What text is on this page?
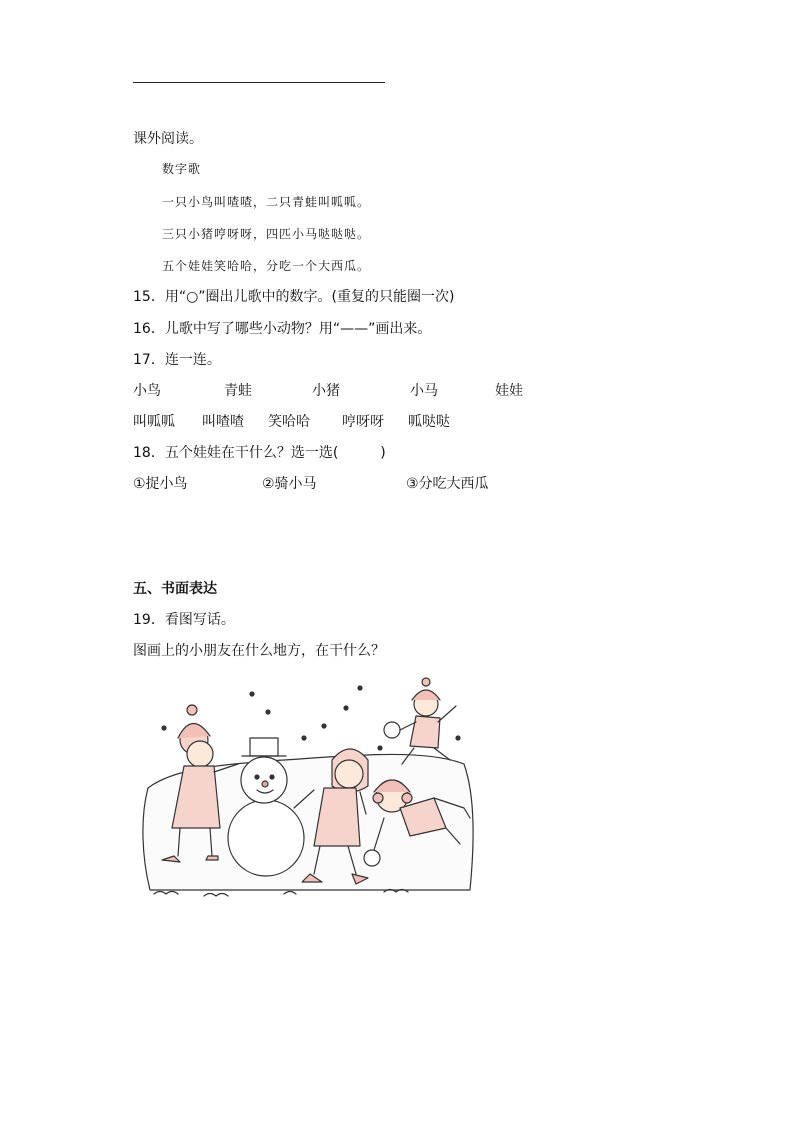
课外阅读。
数字歌
一只小鸟叫喳喳，二只青蛙叫呱呱。
三只小猪哼呀呀，四匹小马哒哒哒。
五个娃娃笑哈哈，分吃一个大西瓜。
15．用“○”圈出儿歌中的数字。(重复的只能圈一次)
16．儿歌中写了哪些小动物？用“——”画出来。
17．连一连。
小鸟	青蛙	小猪	小马	娃娃
叫呱呱 叫喳喳 笑哈哈 哼呀呀 呱哒哒
18．五个娃娃在干什么？选一选(　　　)
①捉小鸟	②骑小马	③分吃大西瓜
五、书面表达
19．看图写话。
图画上的小朋友在什么地方，在干什么？
